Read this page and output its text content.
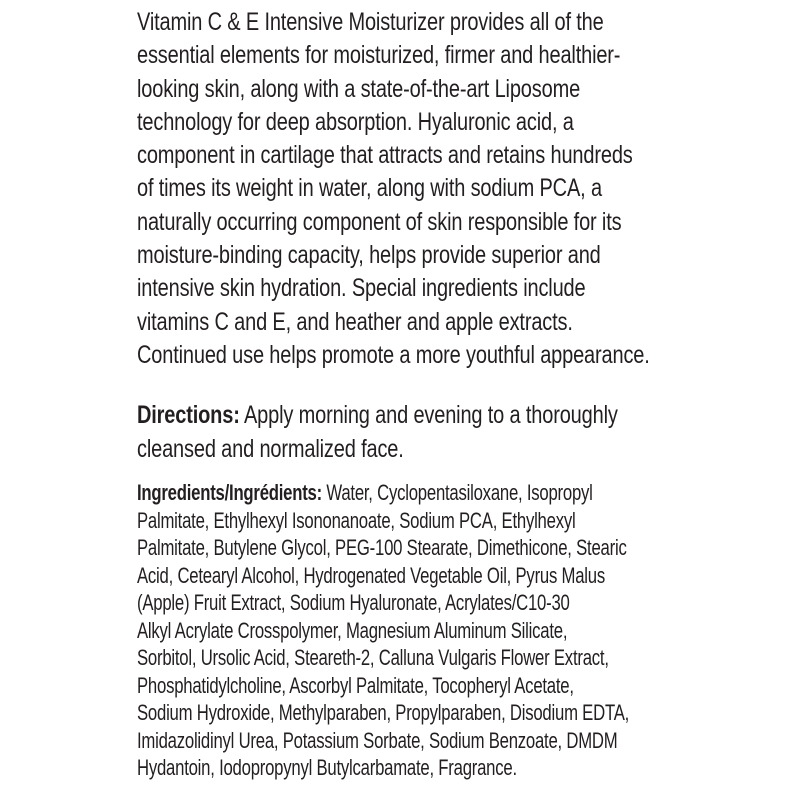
Vitamin C & E Intensive Moisturizer provides all of the
essential elements for moisturized, firmer and healthier-
looking skin, along with a state-of-the-art Liposome
technology for deep absorption. Hyaluronic acid, a
component in cartilage that attracts and retains hundreds
of times its weight in water, along with sodium PCA, a
naturally occurring component of skin responsible for its
moisture-binding capacity, helps provide superior and
intensive skin hydration. Special ingredients include
vitamins C and E, and heather and apple extracts.
Continued use helps promote a more youthful appearance.
Directions: Apply morning and evening to a thoroughly
cleansed and normalized face.
Ingredients/Ingrédients: Water, Cyclopentasiloxane, Isopropyl
Palmitate, Ethylhexyl Isononanoate, Sodium PCA, Ethylhexyl
Palmitate, Butylene Glycol, PEG-100 Stearate, Dimethicone, Stearic
Acid, Cetearyl Alcohol, Hydrogenated Vegetable Oil, Pyrus Malus
(Apple) Fruit Extract, Sodium Hyaluronate, Acrylates/C10-30
Alkyl Acrylate Crosspolymer, Magnesium Aluminum Silicate,
Sorbitol, Ursolic Acid, Steareth-2, Calluna Vulgaris Flower Extract,
Phosphatidylcholine, Ascorbyl Palmitate, Tocopheryl Acetate,
Sodium Hydroxide, Methylparaben, Propylparaben, Disodium EDTA,
Imidazolidinyl Urea, Potassium Sorbate, Sodium Benzoate, DMDM
Hydantoin, Iodopropynyl Butylcarbamate, Fragrance.
